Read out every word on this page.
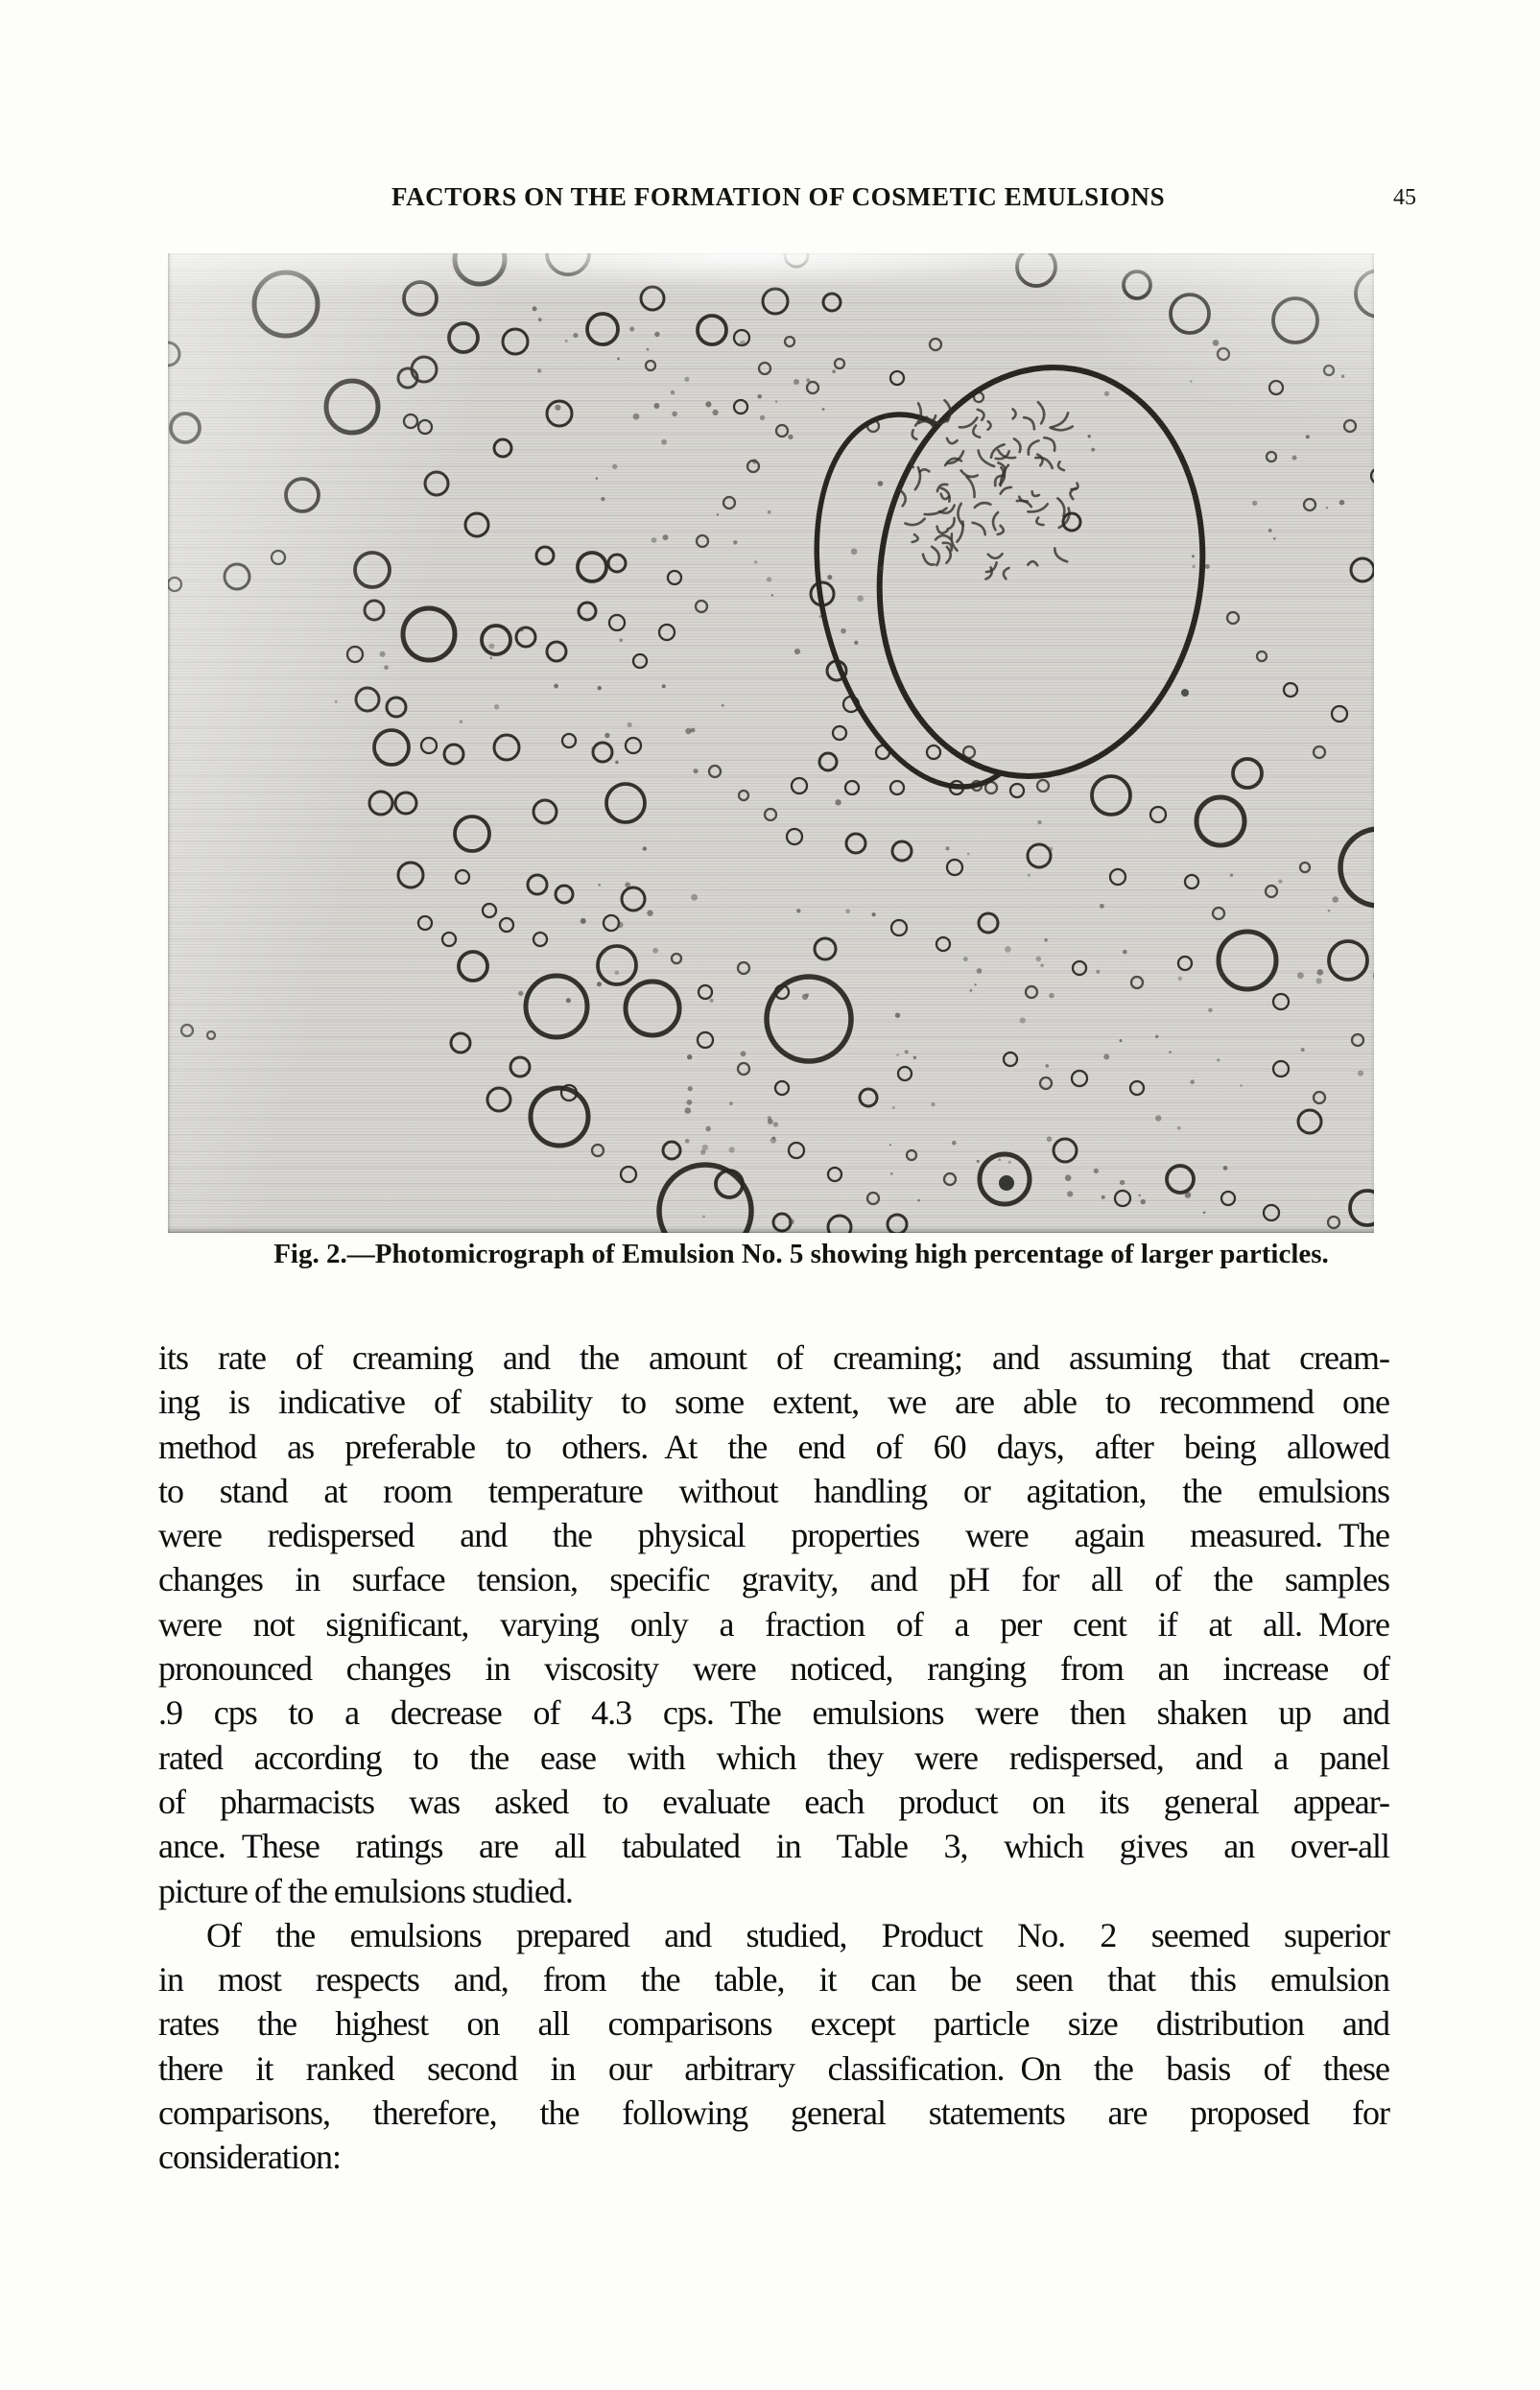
FACTORS ON THE FORMATION OF COSMETIC EMULSIONS	45
Fig. 2.—Photomicrograph of Emulsion No. 5 showing high percentage of larger particles.
its rate of creaming and the amount of creaming; and assuming that cream-
ing is indicative of stability to some extent, we are able to recommend one
method as preferable to others. At the end of 60 days, after being allowed
to stand at room temperature without handling or agitation, the emulsions
were redispersed and the physical properties were again measured. The
changes in surface tension, specific gravity, and pH for all of the samples
were not significant, varying only a fraction of a per cent if at all. More
pronounced changes in viscosity were noticed, ranging from an increase of
.9 cps to a decrease of 4.3 cps. The emulsions were then shaken up and
rated according to the ease with which they were redispersed, and a panel
of pharmacists was asked to evaluate each product on its general appear-
ance. These ratings are all tabulated in Table 3, which gives an over-all
picture of the emulsions studied.
Of the emulsions prepared and studied, Product No. 2 seemed superior
in most respects and, from the table, it can be seen that this emulsion
rates the highest on all comparisons except particle size distribution and
there it ranked second in our arbitrary classification. On the basis of these
comparisons, therefore, the following general statements are proposed for
consideration:
